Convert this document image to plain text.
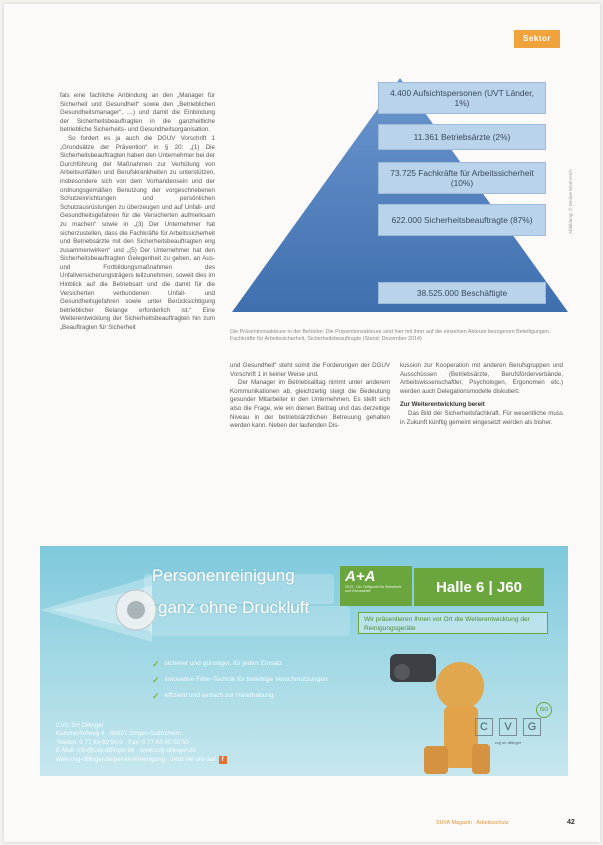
Sektor

fals eine fachliche Anbindung an den „Manager für Sicherheit und Gesundheit“ sowie den „Betrieblichen Gesundheitsmanager“, …) und damit die Einbindung der Sicherheitsbeauftragten in die ganzheitliche betriebliche Sicherheits- und Gesundheitsorganisation.

So fordert es ja auch die DGUV Vorschrift 1 „Grundsätze der Prävention“ in § 20: „(1) Die Sicherheitsbeauftragten haben den Unternehmer bei der Durchführung der Maßnahmen zur Verhütung von Arbeitsunfällen und Berufskrankheiten zu unterstützen, insbesondere sich von dem Vorhandensein und der ordnungsgemäßen Benutzung der vorgeschriebenen Schutzeinrichtungen und persönlichen Schutzausrüstungen zu überzeugen und auf Unfall- und Gesundheitsgefahren für die Versicherten aufmerksam zu machen“ sowie in „(3) Der Unternehmer hat sicherzustellen, dass die Fachkräfte für Arbeitssicherheit und Betriebsärzte mit den Sicherheitsbeauftragten eng zusammenwirken“ und „(5) Der Unternehmer hat den Sicherheitsbeauftragten Gelegenheit zu geben, an Aus- und Fortbildungsmaßnahmen des Unfallversicherungsträgers teilzunehmen, soweit dies im Hinblick auf die Betriebsart und die damit für die Versicherten verbundenen Unfall- und Gesundheitsgefahren sowie unter Berücksichtigung betrieblicher Belange erforderlich ist.“ Eine Weiterentwicklung der Sicherheitsbeauftragten hin zum „Beauftragten für Sicherheit

4.400 Aufsichtspersonen (UVT Länder, 1%)
11.361 Betriebsärzte (2%)
73.725 Fachkräfte für Arbeitssicherheit (10%)
622.000 Sicherheitsbeauftragte (87%)
38.525.000 Beschäftigte
Abbildung: © Denise Eisenreich
Die Präventionsakteure in der Betriebe: Die Präventionsakteure sind hier mit ihrer auf die einzelnen Akteure bezogenen Beteiligungen. Fachkräfte für Arbeitssicherheit, Sicherheitsbeauftragte (Stand: Dezember 2014)

und Gesundheit“ steht somit die Forderungen der DGUV Vorschrift 1 in keiner Weise und.

Der Manager im Betriebsalltag nimmt unter anderem Kommunikationen ab, gleichzeitig steigt die Bedeutung gesunder Mitarbeiter in den Unternehmen. Es stellt sich also die Frage, wie ein dienen Beitrag und das derzeitige Niveau in der betriebsärztlichen Betreuung gehalten werden kann. Neben der laufenden Dis-

kussion zur Kooperation mit anderen Berufsgruppen und Ausschüssen (Betriebsärzte, Berufsförderverbände, Arbeitswissenschaftler, Psychologen, Ergonomen etc.) werden auch Delegationsmodelle diskutiert.

Zur Weiterentwicklung bereit

Das Bild der Sicherheitsfachkraft. Für wesentliche muss in Zukunft künftig gemeint eingesetzt werden als bisher.

Personenreinigung
ganz ohne Druckluft
✓ sicherer und günstiger, für jeden Einsatz
✓ innovative Filter-Technik für beliebige Verschmutzungen
✓ effizient und einfach zur Handhabung
CVG SH Dillinger
Kammerhofweg 4 · 88697 Singen-Salmsheim
Telefon: 0 77 63-60 50 0 · Fax: 0 77 63-60 50 50
E-Mail: info@cvg-dillinger.de · www.cvg-dillinger.de
www.cvg-dillinger.de/personenreinigung · Jetzt bei uns auf f
A+A
2013 · Der Treffpunkt für Sicherheit und Gesundheit	Halle 6 | J60
Wir präsentieren Ihnen vor Ort die Weiterentwicklung der Reinigungsgeräte
ISO
C	V	G
cvg sh dillinger
SUVA Magazin · Arbeitsschutz	42
